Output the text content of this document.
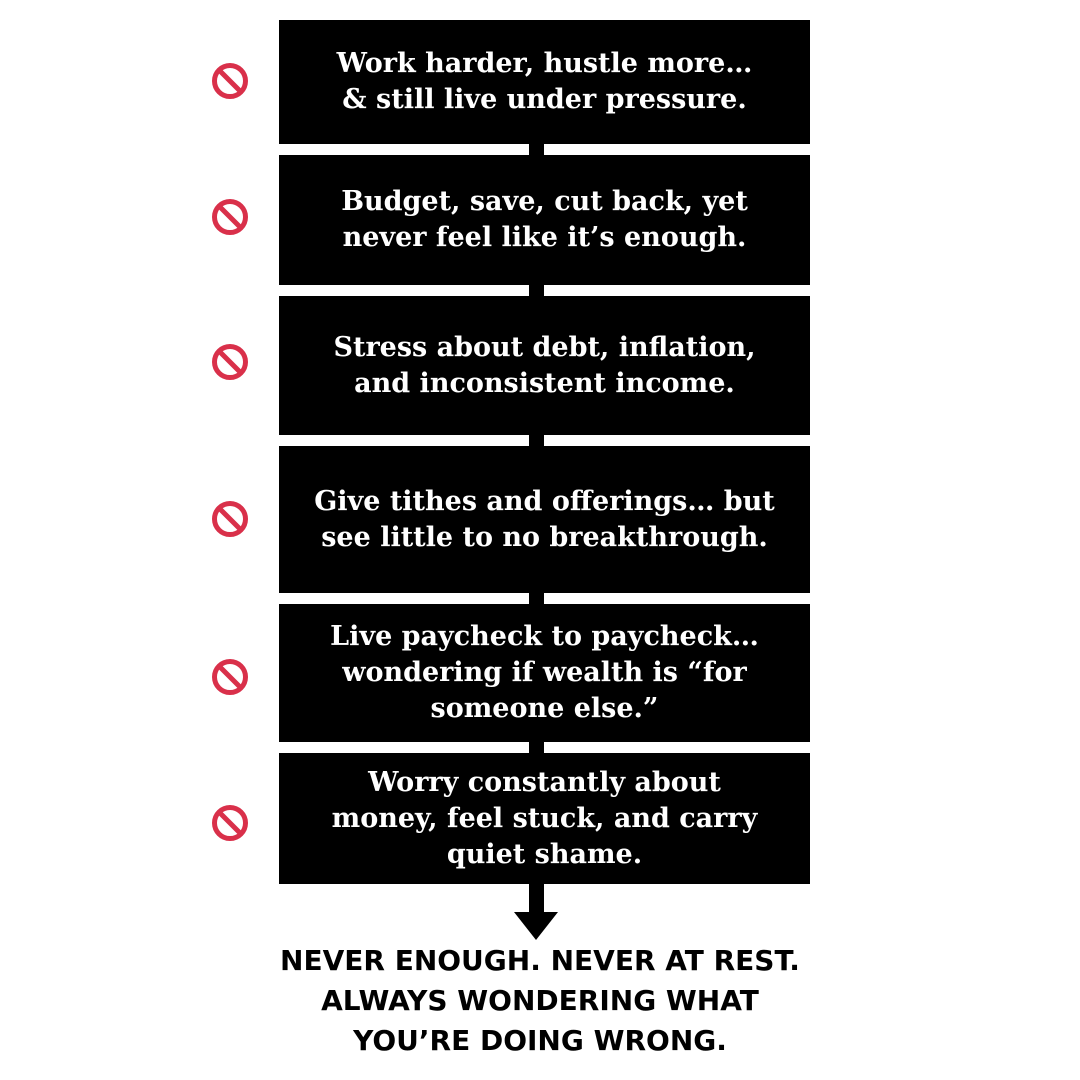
Work harder, hustle more…
& still live under pressure.
Budget, save, cut back, yet
never feel like it’s enough.
Stress about debt, inflation,
and inconsistent income.
Give tithes and offerings… but
see little to no breakthrough.
Live paycheck to paycheck…
wondering if wealth is “for
someone else.”
Worry constantly about
money, feel stuck, and carry
quiet shame.
NEVER ENOUGH. NEVER AT REST.
ALWAYS WONDERING WHAT
YOU’RE DOING WRONG.
